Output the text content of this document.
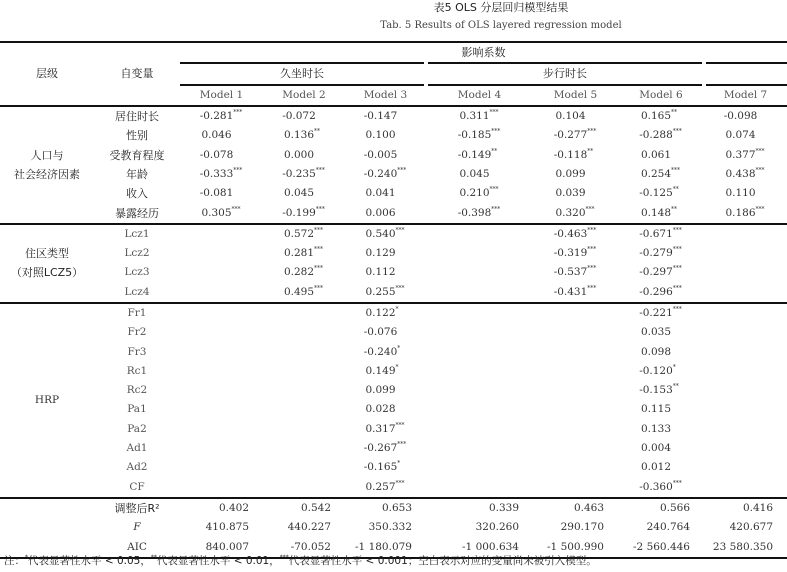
表5 OLS 分层回归模型结果
Tab. 5 Results of OLS layered regression model
层级	自变量	影响系数						
		久坐时长			步行时长			
		Model 1	Model 2	Model 3	Model 4	Model 5	Model 6	Model 7

人口与
社会经济因素	居住时长	-0.281***	-0.072	-0.147	0.311***	0.104	0.165**	-0.098
	性别	0.046	0.136**	0.100	-0.185***	-0.277***	-0.288***	0.074
	受教育程度	-0.078	0.000	-0.005	-0.149**	-0.118**	0.061	0.377***
	年龄	-0.333***	-0.235***	-0.240***	0.045	0.099	0.254***	0.438***
	收入	-0.081	0.045	0.041	0.210***	0.039	-0.125**	0.110
	暴露经历	0.305***	-0.199***	0.006	-0.398***	0.320***	0.148**	0.186***

住区类型
（对照LCZ5）	Lcz1		0.572***	0.540***		-0.463***	-0.671***	
	Lcz2		0.281***	0.129		-0.319***	-0.279***	
	Lcz3		0.282***	0.112		-0.537***	-0.297***	
	Lcz4		0.495***	0.255***		-0.431***	-0.296***	

HRP	Fr1			0.122*			-0.221***	
	Fr2			-0.076			0.035	
	Fr3			-0.240*			0.098	
	Rc1			0.149*			-0.120*	
	Rc2			0.099			-0.153**	
	Pa1			0.028			0.115	
	Pa2			0.317***			0.133	
	Ad1			-0.267***			0.004	
	Ad2			-0.165*			0.012	
	CF			0.257***			-0.360***	
	调整后R²	0.402	0.542	0.653	0.339	0.463	0.566	0.416
	F	410.875	440.227	350.332	320.260	290.170	240.764	420.677
	AIC	840.007	-70.052	-1 180.079	-1 000.634	-1 500.990	-2 560.446	23 580.350
注：*代表显著性水平 < 0.05，**代表显著性水平 < 0.01，***代表显著性水平 < 0.001；空白表示对应的变量尚未被引入模型。
